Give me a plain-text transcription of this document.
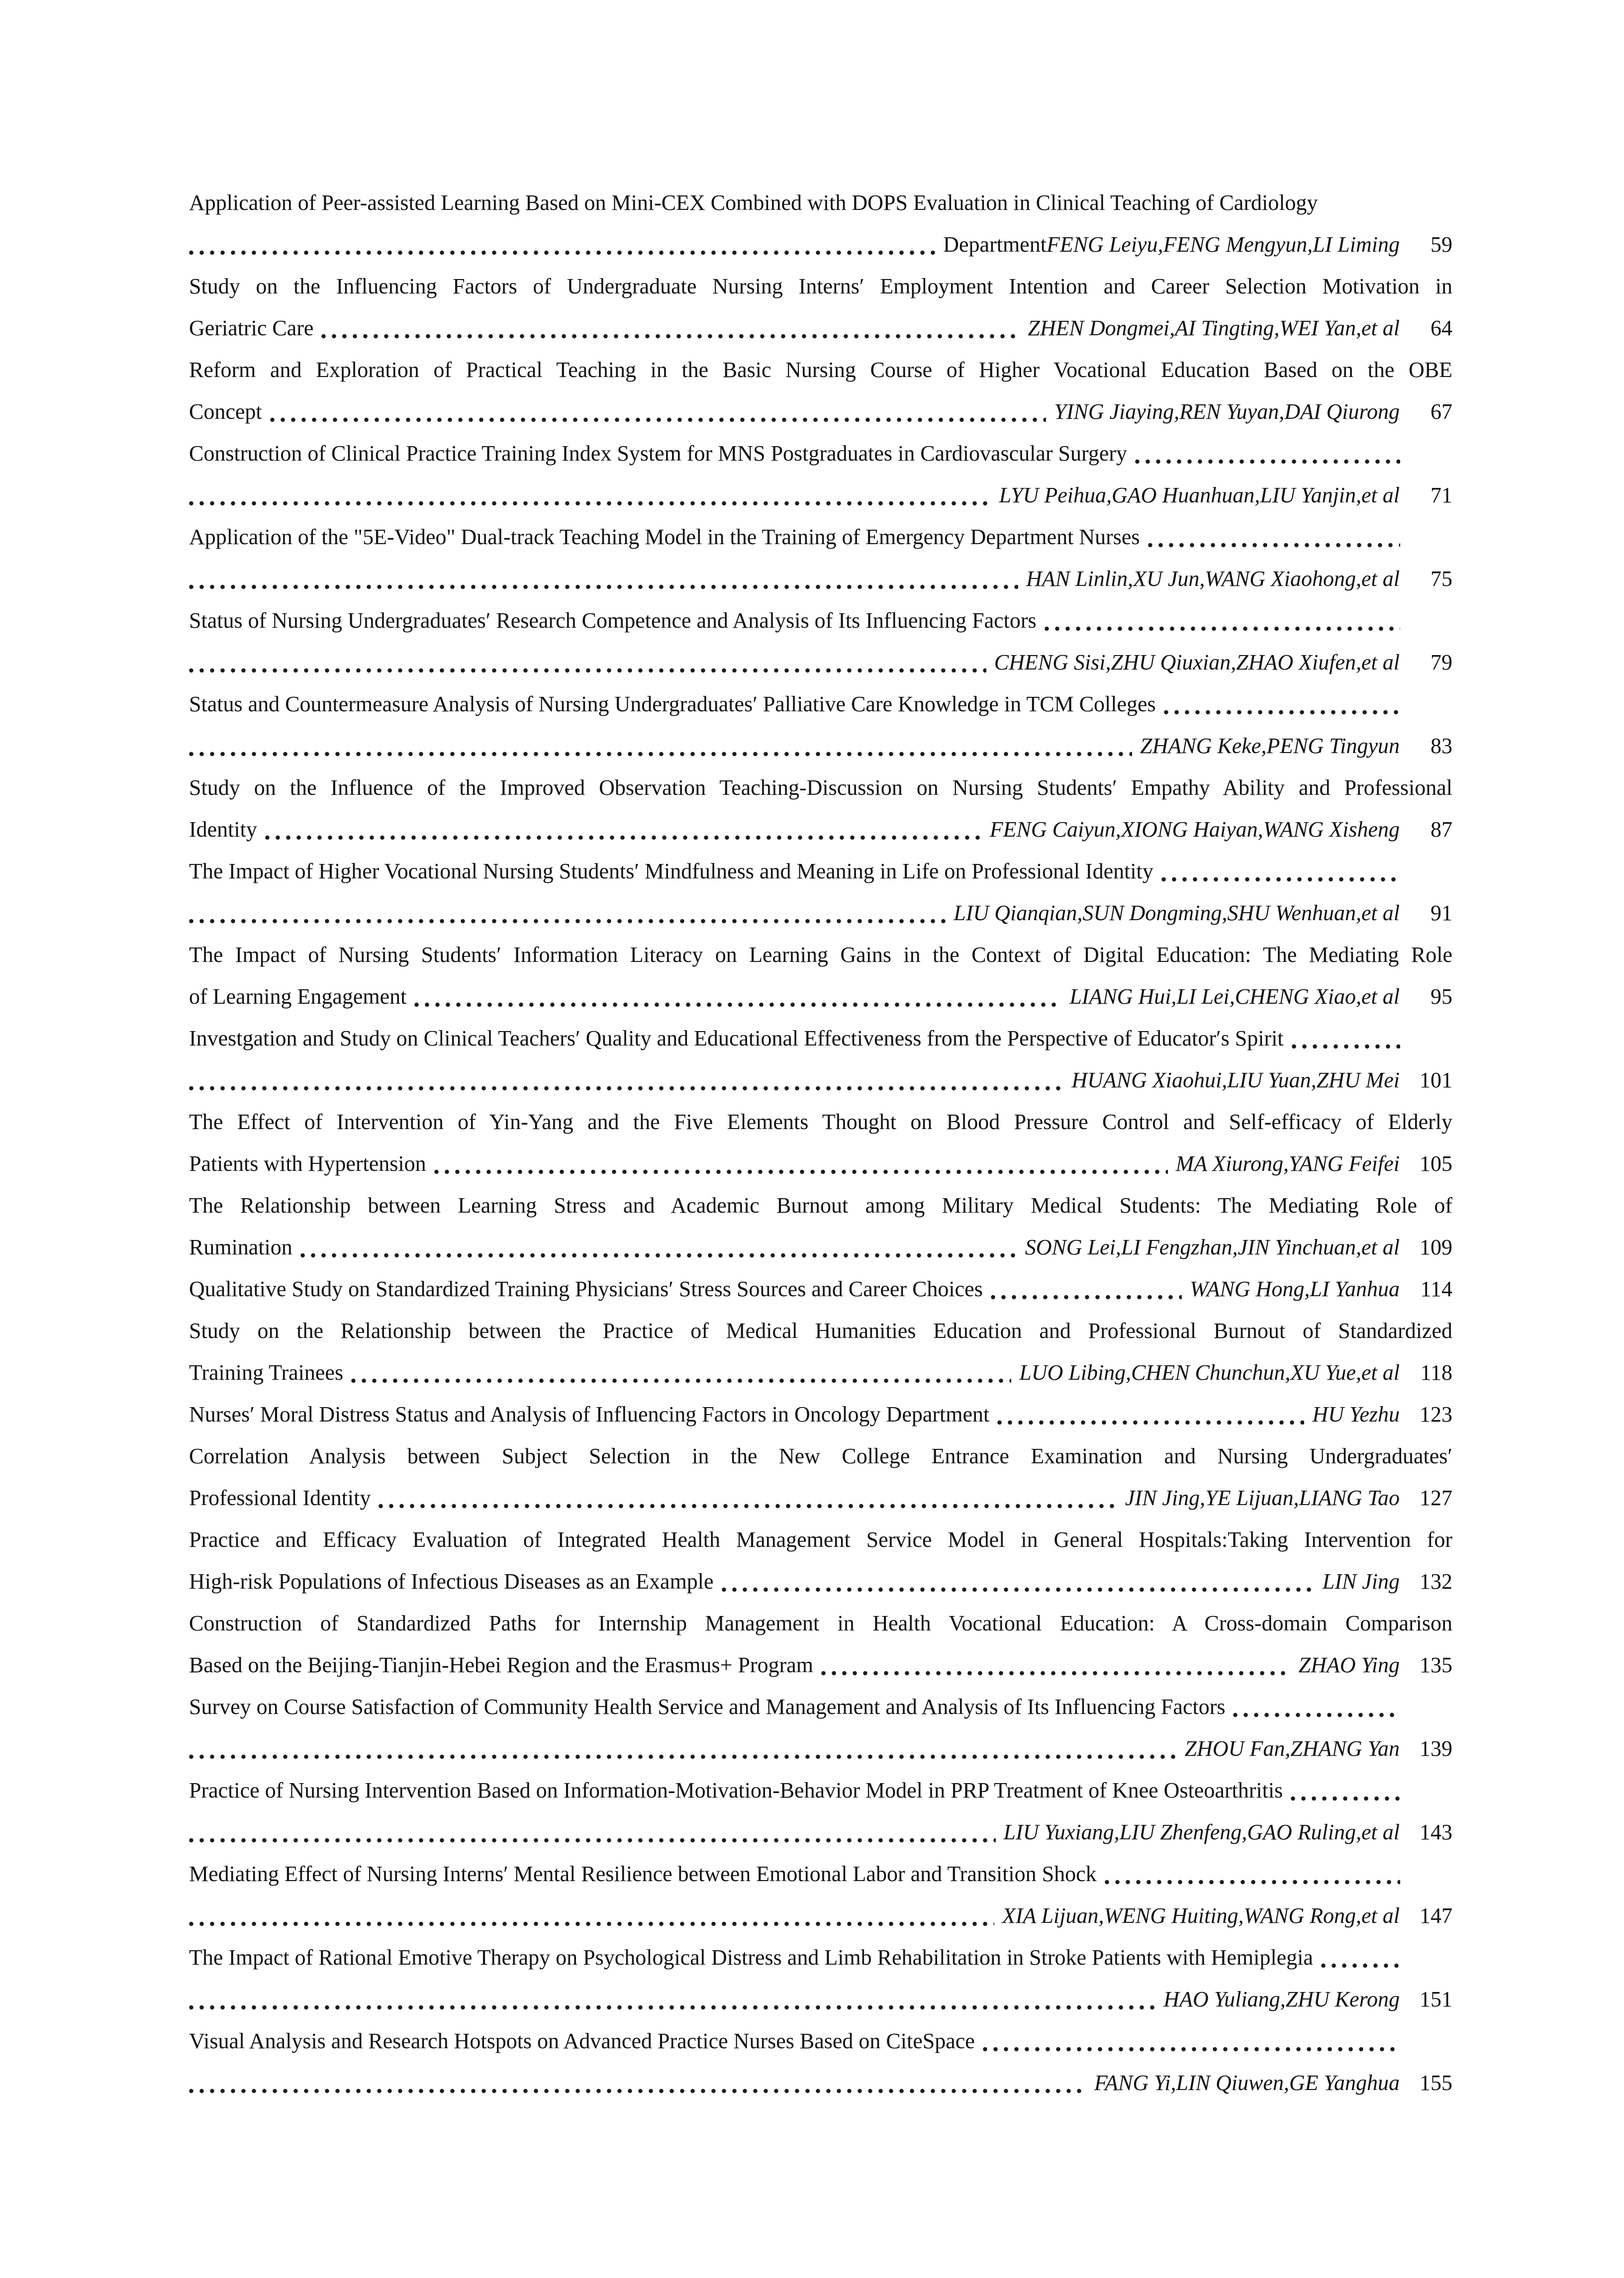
Application of Peer-assisted Learning Based on Mini-CEX Combined with DOPS Evaluation in Clinical Teaching of Cardiology
Department FENG Leiyu,FENG Mengyun,LI Liming	59
Study on the Influencing Factors of Undergraduate Nursing Interns′ Employment Intention and Career Selection Motivation in
Geriatric Care	ZHEN Dongmei,AI Tingting,WEI Yan,et al	64
Reform and Exploration of Practical Teaching in the Basic Nursing Course of Higher Vocational Education Based on the OBE
Concept	YING Jiaying,REN Yuyan,DAI Qiurong	67
Construction of Clinical Practice Training Index System for MNS Postgraduates in Cardiovascular Surgery
LYU Peihua,GAO Huanhuan,LIU Yanjin,et al	71
Application of the "5E-Video" Dual-track Teaching Model in the Training of Emergency Department Nurses
HAN Linlin,XU Jun,WANG Xiaohong,et al	75
Status of Nursing Undergraduates′ Research Competence and Analysis of Its Influencing Factors
CHENG Sisi,ZHU Qiuxian,ZHAO Xiufen,et al	79
Status and Countermeasure Analysis of Nursing Undergraduates′ Palliative Care Knowledge in TCM Colleges
ZHANG Keke,PENG Tingyun	83
Study on the Influence of the Improved Observation Teaching-Discussion on Nursing Students′ Empathy Ability and Professional
Identity	FENG Caiyun,XIONG Haiyan,WANG Xisheng	87
The Impact of Higher Vocational Nursing Students′ Mindfulness and Meaning in Life on Professional Identity
LIU Qianqian,SUN Dongming,SHU Wenhuan,et al	91
The Impact of Nursing Students′ Information Literacy on Learning Gains in the Context of Digital Education: The Mediating Role
of Learning Engagement	LIANG Hui,LI Lei,CHENG Xiao,et al	95
Investgation and Study on Clinical Teachers′ Quality and Educational Effectiveness from the Perspective of Educator′s Spirit
HUANG Xiaohui,LIU Yuan,ZHU Mei 101
The Effect of Intervention of Yin-Yang and the Five Elements Thought on Blood Pressure Control and Self-efficacy of Elderly
Patients with Hypertension	MA Xiurong,YANG Feifei 105
The Relationship between Learning Stress and Academic Burnout among Military Medical Students: The Mediating Role of
Rumination	SONG Lei,LI Fengzhan,JIN Yinchuan,et al 109
Qualitative Study on Standardized Training Physicians′ Stress Sources and Career Choices	WANG Hong,LI Yanhua 114
Study on the Relationship between the Practice of Medical Humanities Education and Professional Burnout of Standardized
Training Trainees	LUO Libing,CHEN Chunchun,XU Yue,et al 118
Nurses′ Moral Distress Status and Analysis of Influencing Factors in Oncology Department	HU Yezhu 123
Correlation Analysis between Subject Selection in the New College Entrance Examination and Nursing Undergraduates′
Professional Identity	JIN Jing,YE Lijuan,LIANG Tao 127
Practice and Efficacy Evaluation of Integrated Health Management Service Model in General Hospitals:Taking Intervention for
High-risk Populations of Infectious Diseases as an Example	LIN Jing 132
Construction of Standardized Paths for Internship Management in Health Vocational Education: A Cross-domain Comparison
Based on the Beijing-Tianjin-Hebei Region and the Erasmus+ Program	ZHAO Ying 135
Survey on Course Satisfaction of Community Health Service and Management and Analysis of Its Influencing Factors
ZHOU Fan,ZHANG Yan 139
Practice of Nursing Intervention Based on Information-Motivation-Behavior Model in PRP Treatment of Knee Osteoarthritis
LIU Yuxiang,LIU Zhenfeng,GAO Ruling,et al 143
Mediating Effect of Nursing Interns′ Mental Resilience between Emotional Labor and Transition Shock
XIA Lijuan,WENG Huiting,WANG Rong,et al 147
The Impact of Rational Emotive Therapy on Psychological Distress and Limb Rehabilitation in Stroke Patients with Hemiplegia
HAO Yuliang,ZHU Kerong 151
Visual Analysis and Research Hotspots on Advanced Practice Nurses Based on CiteSpace
FANG Yi,LIN Qiuwen,GE Yanghua 155
